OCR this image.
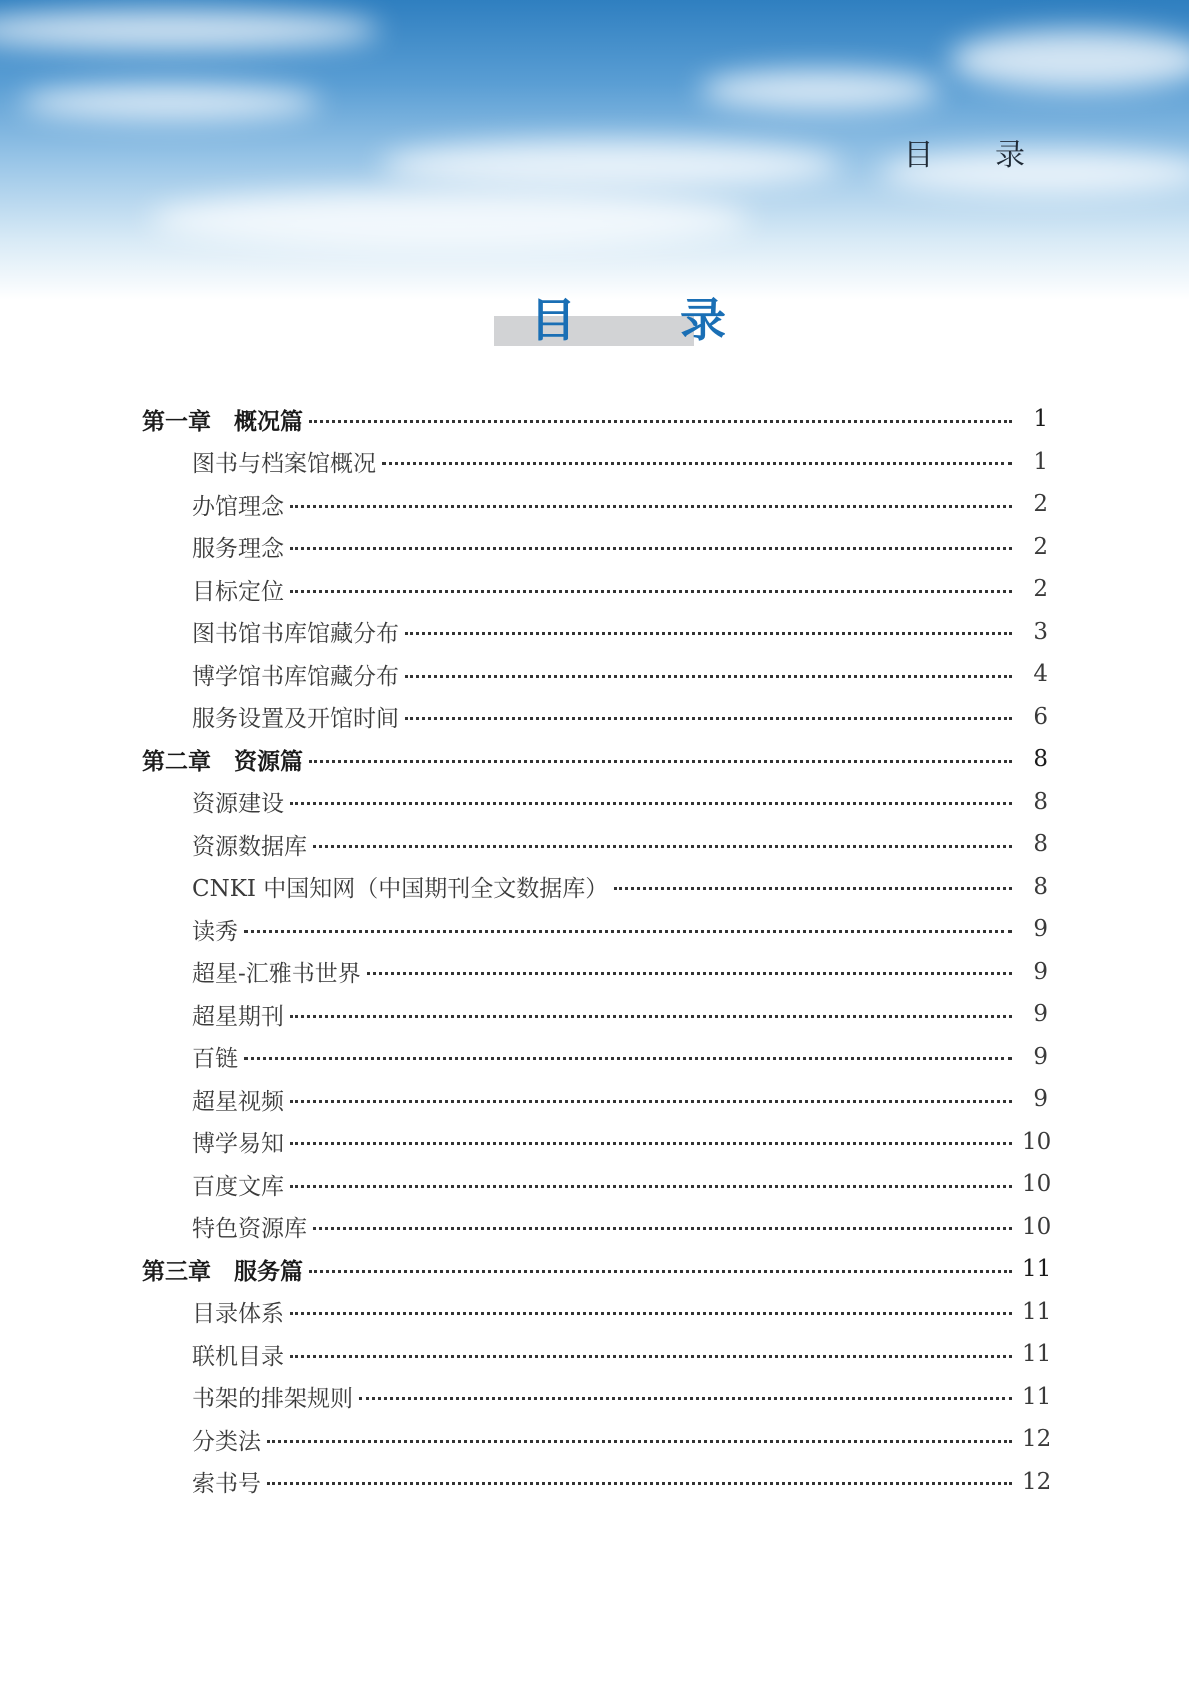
目 录
目 录
第一章　概况篇	1
图书与档案馆概况	1
办馆理念	2
服务理念	2
目标定位	2
图书馆书库馆藏分布	3
博学馆书库馆藏分布	4
服务设置及开馆时间	6
第二章　资源篇	8
资源建设	8
资源数据库	8
CNKI 中国知网（中国期刊全文数据库）	8
读秀	9
超星-汇雅书世界	9
超星期刊	9
百链	9
超星视频	9
博学易知	10
百度文库	10
特色资源库	10
第三章　服务篇	11
目录体系	11
联机目录	11
书架的排架规则	11
分类法	12
索书号	12
